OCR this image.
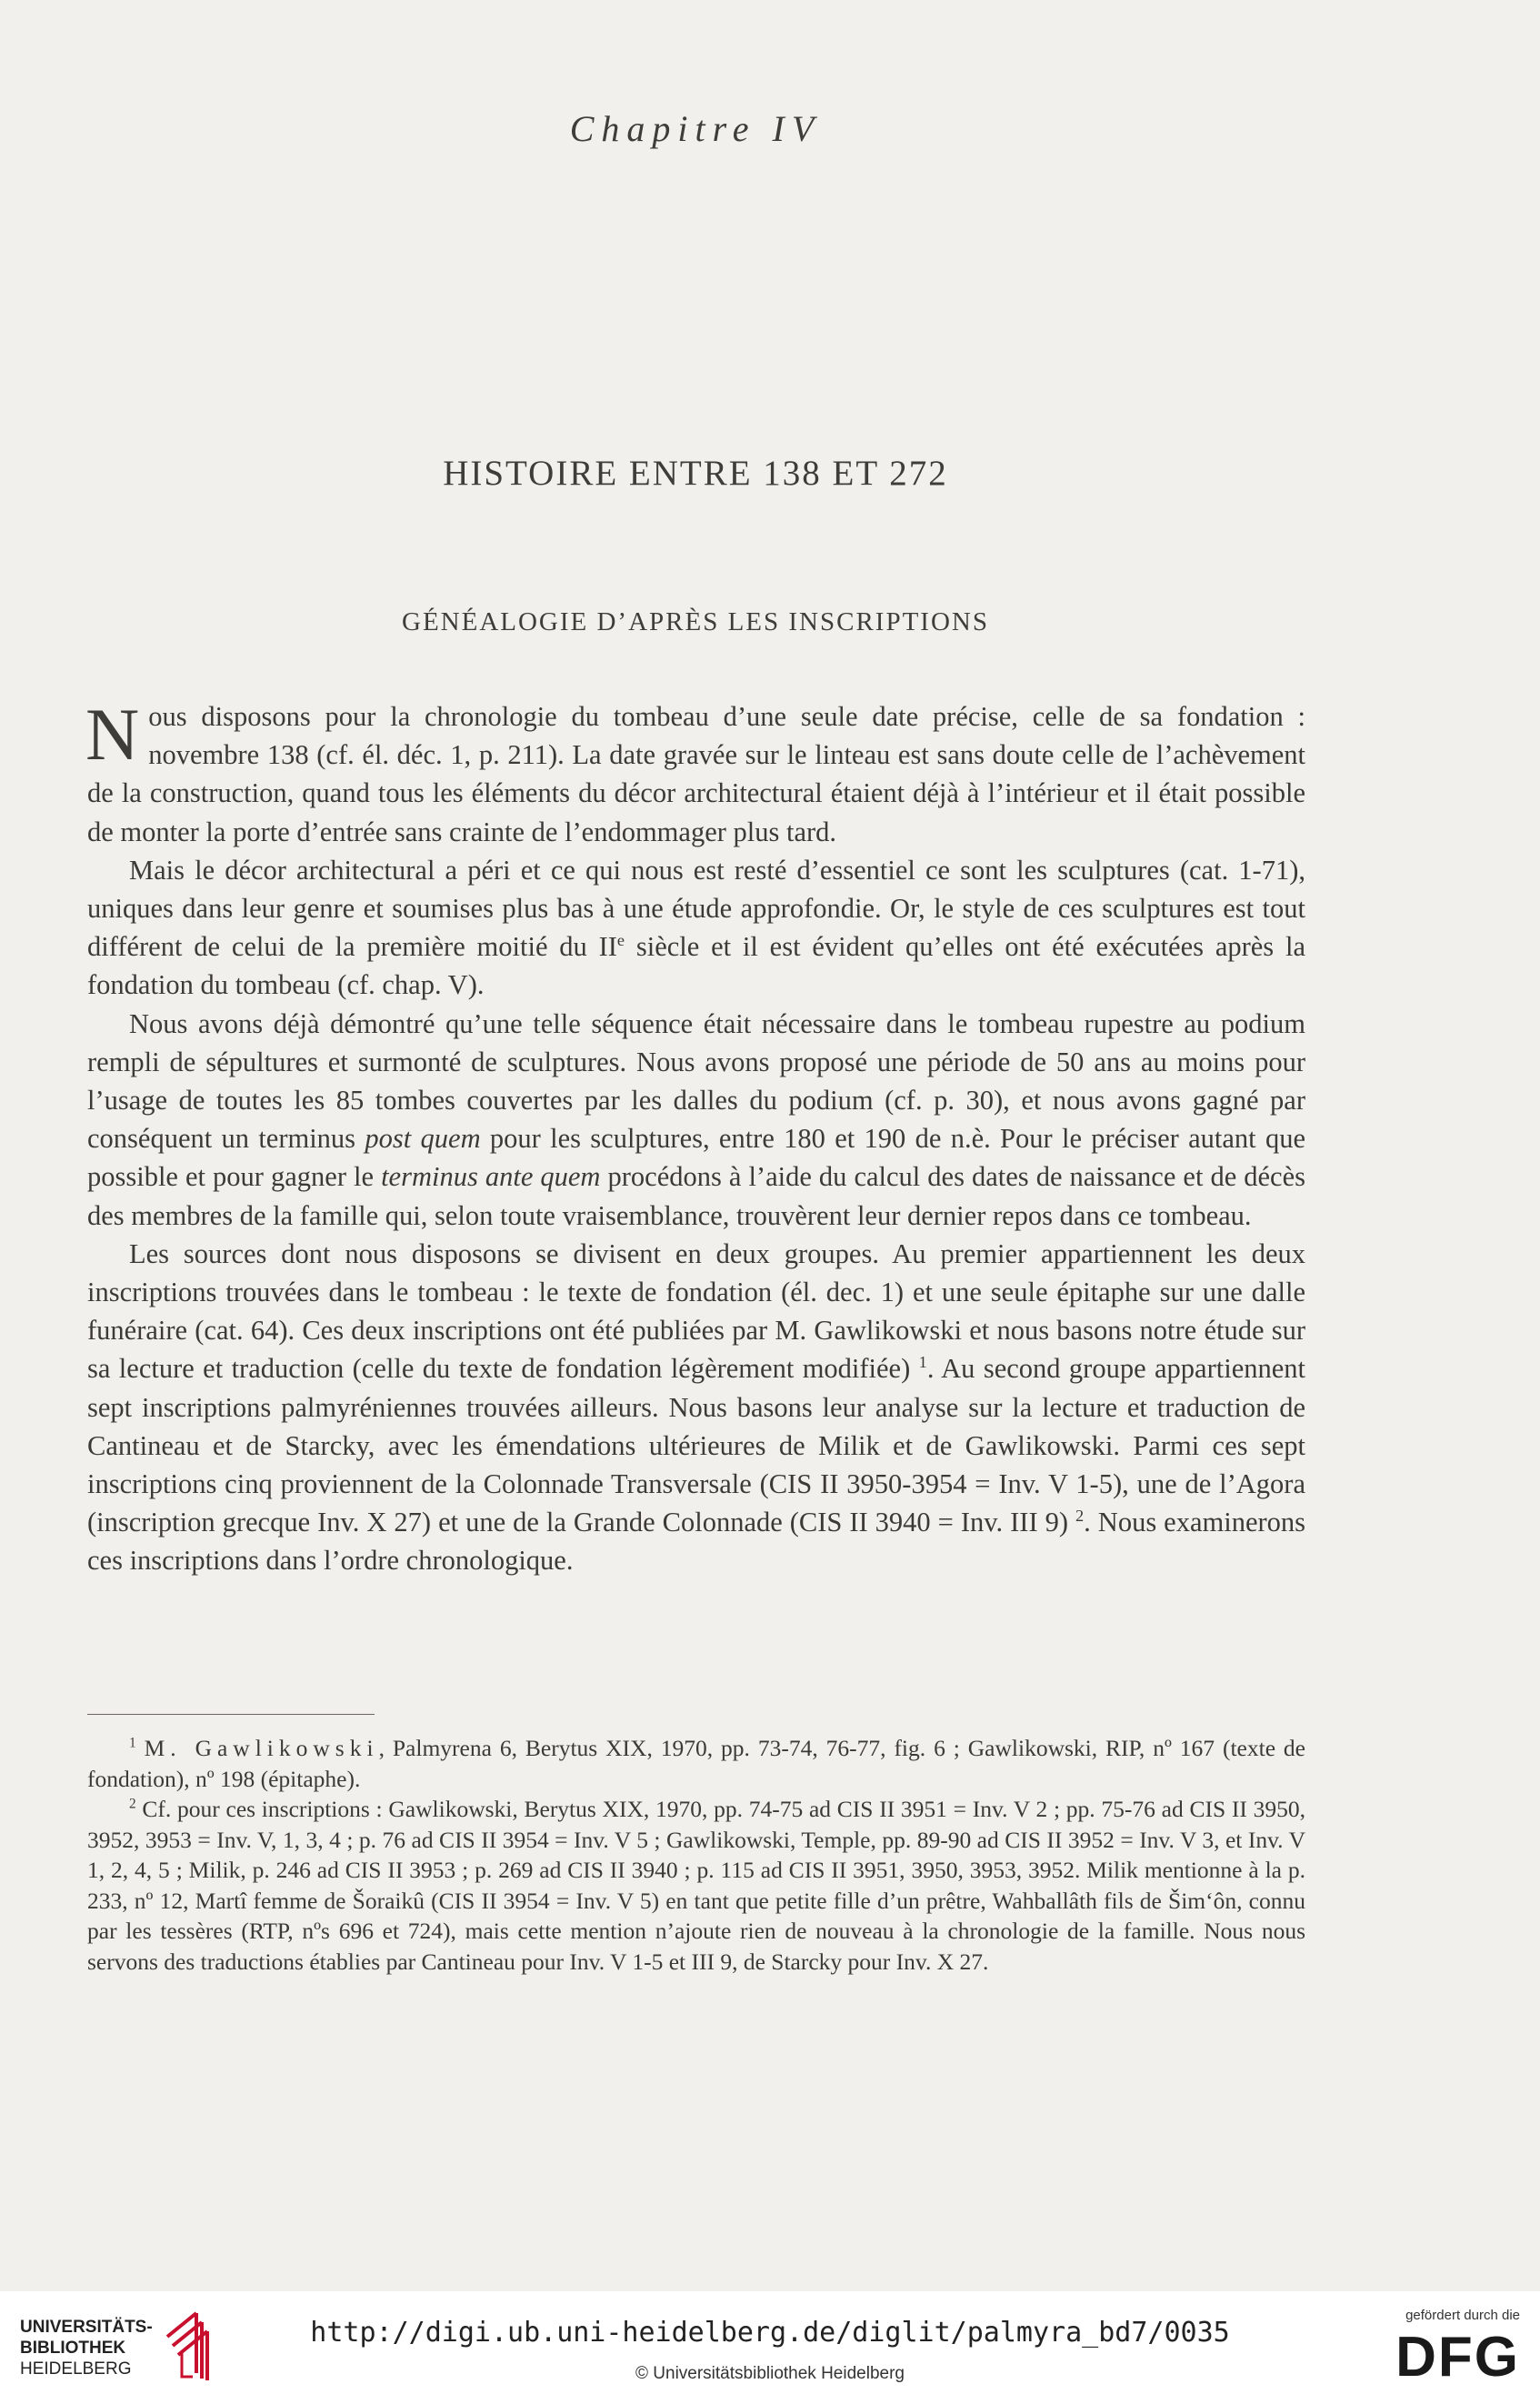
Chapitre IV
HISTOIRE ENTRE 138 ET 272
GÉNÉALOGIE D’APRÈS LES INSCRIPTIONS

Nous disposons pour la chronologie du tombeau d’une seule date précise, celle de sa fondation : novembre 138 (cf. él. déc. 1, p. 211). La date gravée sur le linteau est sans doute celle de l’achèvement de la construction, quand tous les éléments du décor architectural étaient déjà à l’intérieur et il était possible de monter la porte d’entrée sans crainte de l’endommager plus tard.

Mais le décor architectural a péri et ce qui nous est resté d’essentiel ce sont les sculptures (cat. 1-71), uniques dans leur genre et soumises plus bas à une étude approfondie. Or, le style de ces sculptures est tout différent de celui de la première moitié du IIe siècle et il est évident qu’elles ont été exécutées après la fondation du tombeau (cf. chap. V).

Nous avons déjà démontré qu’une telle séquence était nécessaire dans le tombeau rupestre au podium rempli de sépultures et surmonté de sculptures. Nous avons proposé une période de 50 ans au moins pour l’usage de toutes les 85 tombes couvertes par les dalles du podium (cf. p. 30), et nous avons gagné par conséquent un terminus post quem pour les sculptures, entre 180 et 190 de n.è. Pour le préciser autant que possible et pour gagner le terminus ante quem procédons à l’aide du calcul des dates de naissance et de décès des membres de la famille qui, selon toute vraisemblance, trouvèrent leur dernier repos dans ce tombeau.

Les sources dont nous disposons se divisent en deux groupes. Au premier appartiennent les deux inscriptions trouvées dans le tombeau : le texte de fondation (él. dec. 1) et une seule épitaphe sur une dalle funéraire (cat. 64). Ces deux inscriptions ont été publiées par M. Gawlikowski et nous basons notre étude sur sa lecture et traduction (celle du texte de fondation légèrement modifiée) $^1$. Au second groupe appartiennent sept inscriptions palmyréniennes trouvées ailleurs. Nous basons leur analyse sur la lecture et traduction de Cantineau et de Starcky, avec les émendations ultérieures de Milik et de Gawlikowski. Parmi ces sept inscriptions cinq proviennent de la Colonnade Transversale (CIS II 3950-3954 = Inv. V 1-5), une de l’Agora (inscription grecque Inv. X 27) et une de la Grande Colonnade (CIS II 3940 = Inv. III 9) $^2$. Nous examinerons ces inscriptions dans l’ordre chronologique.

$^1$ M. Gawlikowski, Palmyrena 6, Berytus XIX, 1970, pp. 73-74, 76-77, fig. 6 ; Gawlikowski, RIP, nº 167 (texte de fondation), nº 198 (épitaphe).

$^2$ Cf. pour ces inscriptions : Gawlikowski, Berytus XIX, 1970, pp. 74-75 ad CIS II 3951 = Inv. V 2 ; pp. 75-76 ad CIS II 3950, 3952, 3953 = Inv. V, 1, 3, 4 ; p. 76 ad CIS II 3954 = Inv. V 5 ; Gawlikowski, Temple, pp. 89-90 ad CIS II 3952 = Inv. V 3, et Inv. V 1, 2, 4, 5 ; Milik, p. 246 ad CIS II 3953 ; p. 269 ad CIS II 3940 ; p. 115 ad CIS II 3951, 3950, 3953, 3952. Milik mentionne à la p. 233, nº 12, Martî femme de Šoraikû (CIS II 3954 = Inv. V 5) en tant que petite fille d’un prêtre, Wahballâth fils de Šim‘ôn, connu par les tessères (RTP, nºs 696 et 724), mais cette mention n’ajoute rien de nouveau à la chronologie de la famille. Nous nous servons des traductions établies par Cantineau pour Inv. V 1-5 et III 9, de Starcky pour Inv. X 27.

UNIVERSITÄTS-
BIBLIOTHEK
HEIDELBERG
http://digi.ub.uni-heidelberg.de/diglit/palmyra_bd7/0035
© Universitätsbibliothek Heidelberg
gefördert durch die
DFG
